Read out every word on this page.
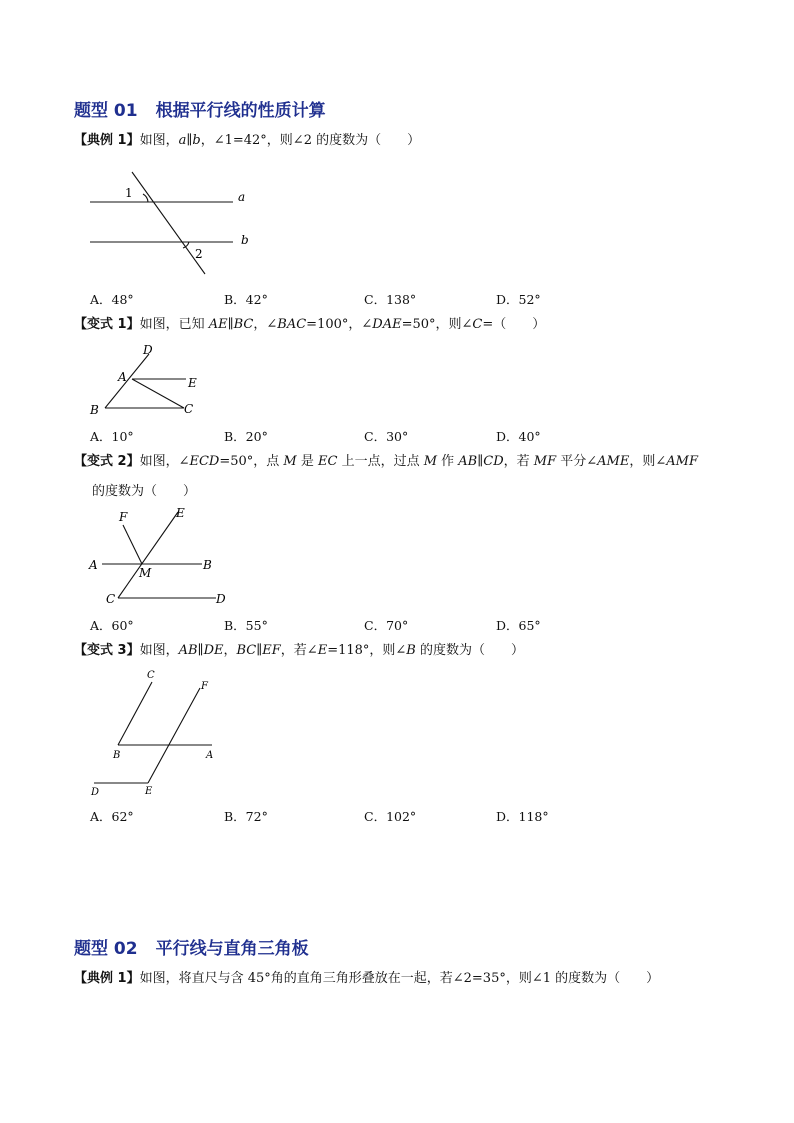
题型 01 根据平行线的性质计算
【典例 1】如图，a∥b，∠1=42°，则∠2 的度数为（　　）
1	a
b
2
A．48°	B．42°	C．138°	D．52°
【变式 1】如图，已知 AE∥BC，∠BAC=100°，∠DAE=50°，则∠C=（　　）
D
A	E
B	C
A．10°	B．20°	C．30°	D．40°
【变式 2】如图，∠ECD=50°，点 M 是 EC 上一点，过点 M 作 AB∥CD，若 MF 平分∠AME，则∠AMF
的度数为（　　）
F	E
A
M
B
C	D
A．60°	B．55°	C．70°	D．65°
【变式 3】如图，AB∥DE，BC∥EF，若∠E=118°，则∠B 的度数为（　　）
C
F
B	A
D	E
A．62°	B．72°	C．102°	D．118°
题型 02 平行线与直角三角板
【典例 1】如图，将直尺与含 45°角的直角三角形叠放在一起，若∠2=35°，则∠1 的度数为（　　）
